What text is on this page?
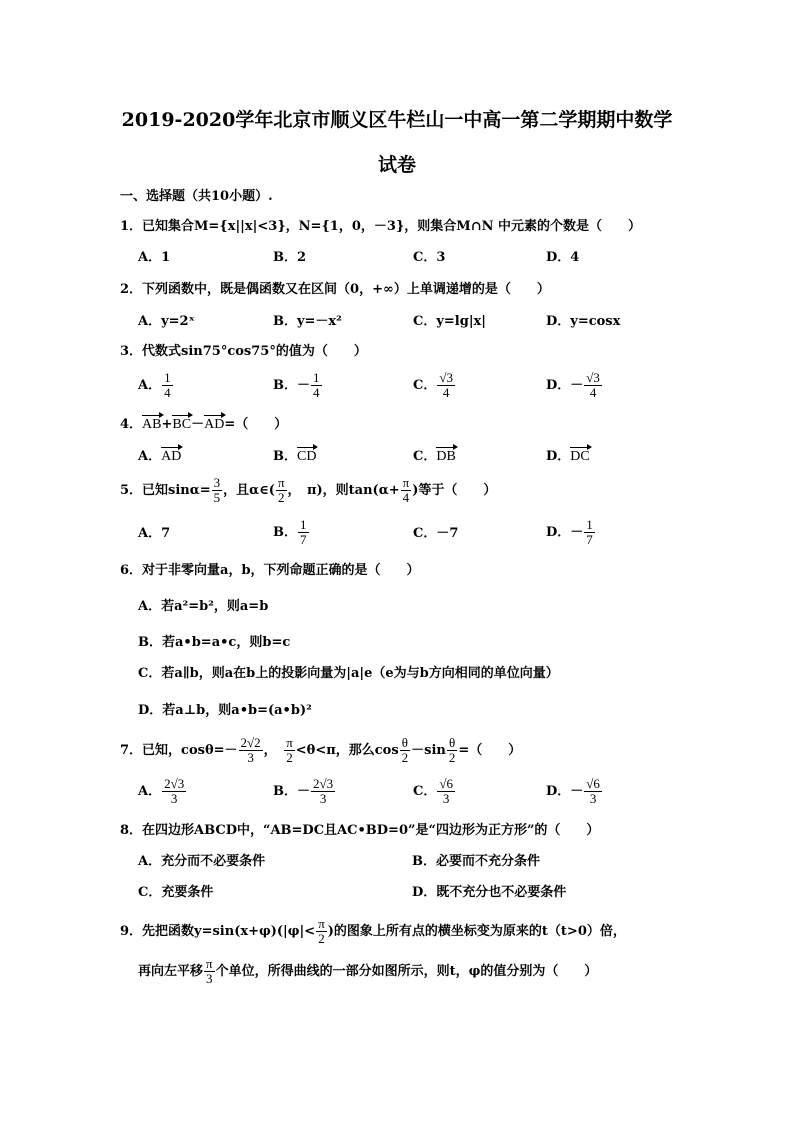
2019-2020学年北京市顺义区牛栏山一中高一第二学期期中数学
试卷
一、选择题（共10小题）.
1．已知集合M={x||x|<3}，N={1，0，－3}，则集合M∩N 中元素的个数是（　　）
A．1	B．2	C．3	D．4
2．下列函数中，既是偶函数又在区间（0，+∞）上单调递增的是（　　）
A．y=2ˣ	B．y=－x²	C．y=lg|x|	D．y=cosx
3．代数式sin75°cos75°的值为（　　）
A． $\frac{1}{4}$	B．－ $\frac{1}{4}$	C． $\frac{√3}{4}$	D．－ $\frac{√3}{4}$
4．AB+BC－AD=（　　）
A．AD	B．CD	C．DB	D．DC
5．已知$\sin\alpha= \frac{3}{5}$ ，且α∈( $\frac{\pi}{2}$ ，　π)，则$\tan(\alpha+ \frac{\pi}{4}$ )等于（　　）
A．7	B． $\frac{1}{7}$	C．－7	D．－ $\frac{1}{7}$
6．对于非零向量a，b，下列命题正确的是（　　）
A．若a²=b²，则a=b
B．若a•b=a•c，则b=c
C．若a∥b，则a在b上的投影向量为|a|e（e为与b方向相同的单位向量）
D．若a⊥b，则a•b=(a•b)²
7．已知，$\cos\theta=- \frac{2√2}{3}$ ，　 $\frac{\pi}{2} <\theta<\pi$，那么$\cos \frac{\theta}{2} -\sin \frac{\theta}{2}$ =（　　）
A． $\frac{2√3}{3}$	B．－ $\frac{2√3}{3}$	C． $\frac{√6}{3}$	D．－ $\frac{√6}{3}$
8．在四边形ABCD中，“AB=DC且AC•BD=0”是“四边形为正方形”的（　　）
A．充分而不必要条件	B．必要而不充分条件
C．充要条件	D．既不充分也不必要条件
9．先把函数$y=\sin(x+\varphi)(|\varphi|< \frac{\pi}{2}$ )的图象上所有点的横坐标变为原来的t（t>0）倍，
再向左平移 $\frac{\pi}{3}$ 个单位，所得曲线的一部分如图所示，则t，φ的值分别为（　　）
